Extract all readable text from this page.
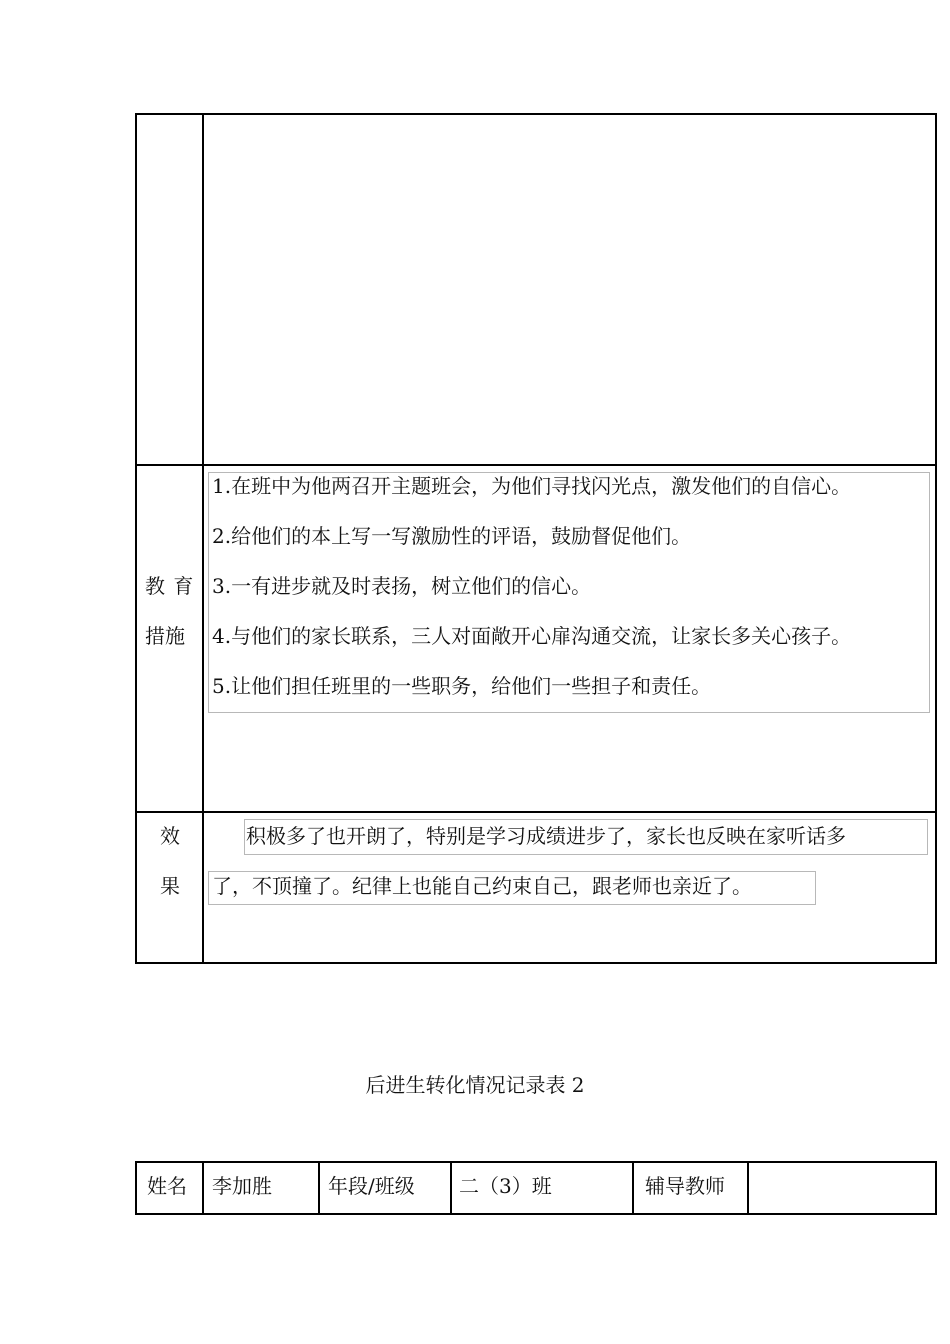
教 育
措施
1.在班中为他两召开主题班会，为他们寻找闪光点，激发他们的自信心。
2.给他们的本上写一写激励性的评语，鼓励督促他们。
3.一有进步就及时表扬，树立他们的信心。
4.与他们的家长联系，三人对面敞开心扉沟通交流，让家长多关心孩子。
5.让他们担任班里的一些职务，给他们一些担子和责任。
效
果
积极多了也开朗了，特别是学习成绩进步了，家长也反映在家听话多
了，不顶撞了。纪律上也能自己约束自己，跟老师也亲近了。
后进生转化情况记录表 2
姓名 李加胜	年段/班级 二（3）班	辅导教师
